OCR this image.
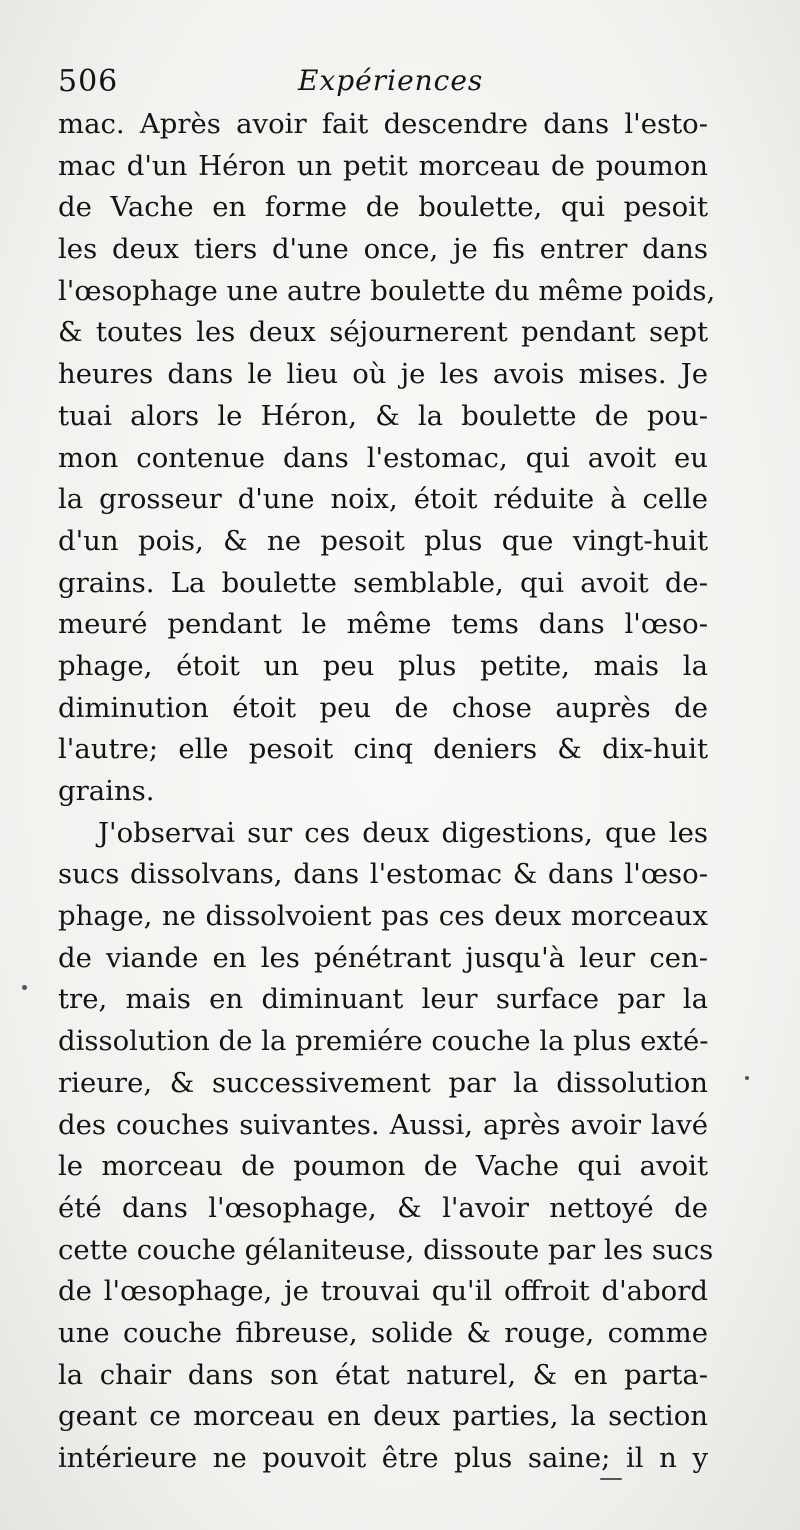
506	Expériences
mac. Après avoir fait descendre dans l'esto-
mac d'un Héron un petit morceau de poumon
de Vache en forme de boulette, qui pesoit
les deux tiers d'une once, je fis entrer dans
l'œsophage une autre boulette du même poids,
& toutes les deux séjournerent pendant sept
heures dans le lieu où je les avois mises. Je
tuai alors le Héron, & la boulette de pou-
mon contenue dans l'estomac, qui avoit eu
la grosseur d'une noix, étoit réduite à celle
d'un pois, & ne pesoit plus que vingt-huit
grains. La boulette semblable, qui avoit de-
meuré pendant le même tems dans l'œso-
phage, étoit un peu plus petite, mais la
diminution étoit peu de chose auprès de
l'autre; elle pesoit cinq deniers & dix-huit
grains.
J'observai sur ces deux digestions, que les
sucs dissolvans, dans l'estomac & dans l'œso-
phage, ne dissolvoient pas ces deux morceaux
de viande en les pénétrant jusqu'à leur cen-
tre, mais en diminuant leur surface par la
dissolution de la premiére couche la plus exté-
rieure, & successivement par la dissolution
des couches suivantes. Aussi, après avoir lavé
le morceau de poumon de Vache qui avoit
été dans l'œsophage, & l'avoir nettoyé de
cette couche gélaniteuse, dissoute par les sucs
de l'œsophage, je trouvai qu'il offroit d'abord
une couche fibreuse, solide & rouge, comme
la chair dans son état naturel, & en parta-
geant ce morceau en deux parties, la section
intérieure ne pouvoit être plus saine; il n y
